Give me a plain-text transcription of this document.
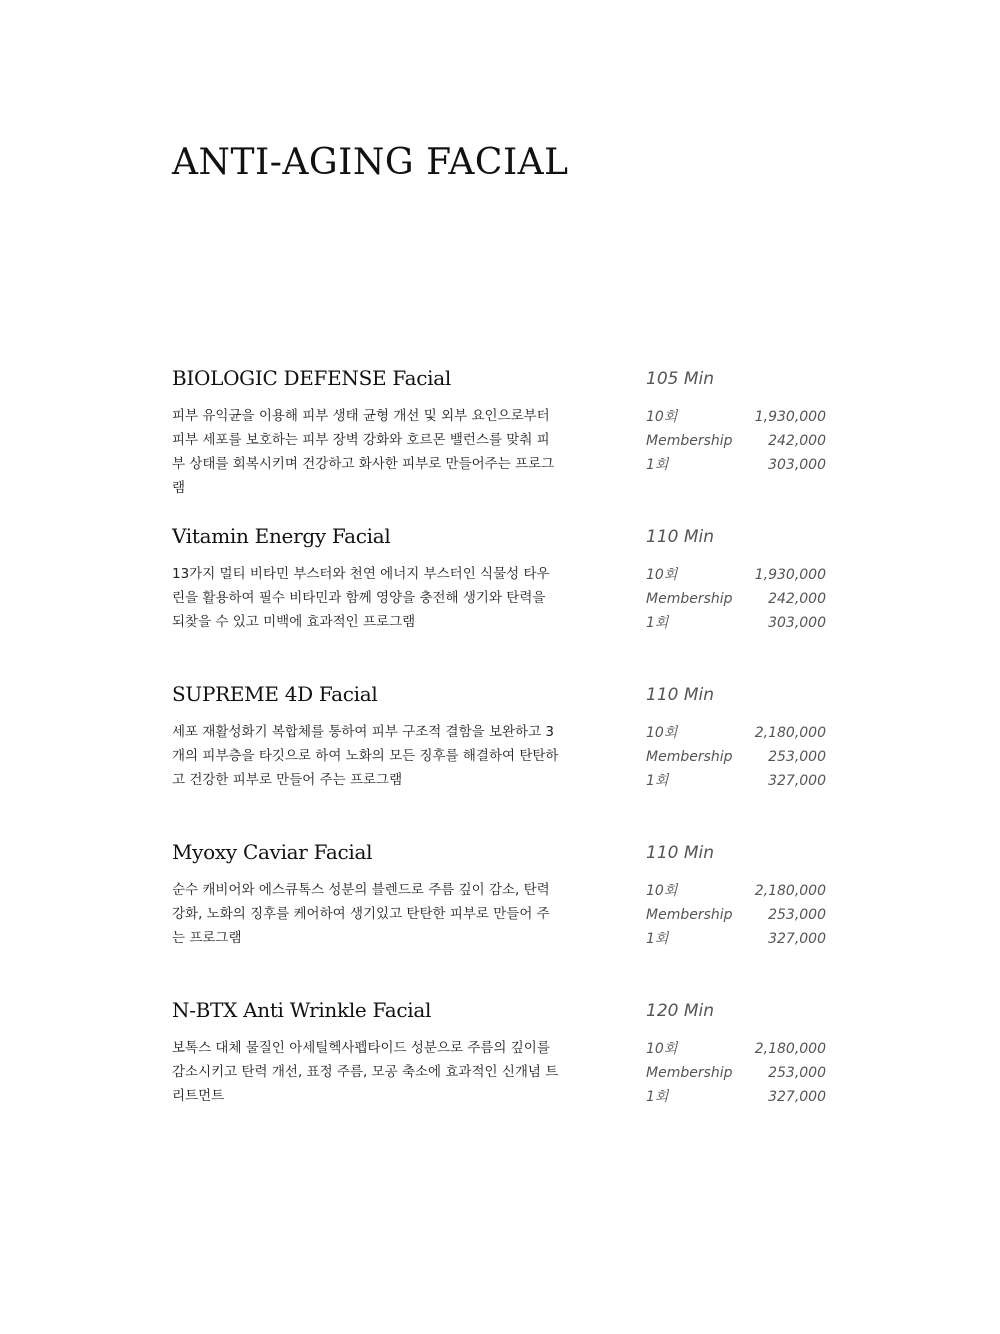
ANTI-AGING FACIAL
BIOLOGIC DEFENSE Facial	105 Min

피부 유익균을 이용해 피부 생태 균형 개선 및 외부 요인으로부터 피부 세포를 보호하는 피부 장벽 강화와 호르몬 밸런스를 맞춰 피부 상태를 회복시키며 건강하고 화사한 피부로 만들어주는 프로그램

10회	1,930,000
Membership	242,000
1회	303,000
Vitamin Energy Facial	110 Min

13가지 멀티 비타민 부스터와 천연 에너지 부스터인 식물성 타우린을 활용하여 필수 비타민과 함께 영양을 충전해 생기와 탄력을 되찾을 수 있고 미백에 효과적인 프로그램

10회	1,930,000
Membership	242,000
1회	303,000
SUPREME 4D Facial	110 Min

세포 재활성화기 복합체를 통하여 피부 구조적 결함을 보완하고 3개의 피부층을 타깃으로 하여 노화의 모든 징후를 해결하여 탄탄하고 건강한 피부로 만들어 주는 프로그램

10회	2,180,000
Membership	253,000
1회	327,000
Myoxy Caviar Facial	110 Min

순수 캐비어와 에스큐톡스 성분의 블렌드로 주름 깊이 감소, 탄력 강화, 노화의 징후를 케어하여 생기있고 탄탄한 피부로 만들어 주는 프로그램

10회	2,180,000
Membership	253,000
1회	327,000
N-BTX Anti Wrinkle Facial	120 Min

보톡스 대체 물질인 아세틸헥사펩타이드 성분으로 주름의 깊이를 감소시키고 탄력 개선, 표정 주름, 모공 축소에 효과적인 신개념 트리트먼트

10회	2,180,000
Membership	253,000
1회	327,000
